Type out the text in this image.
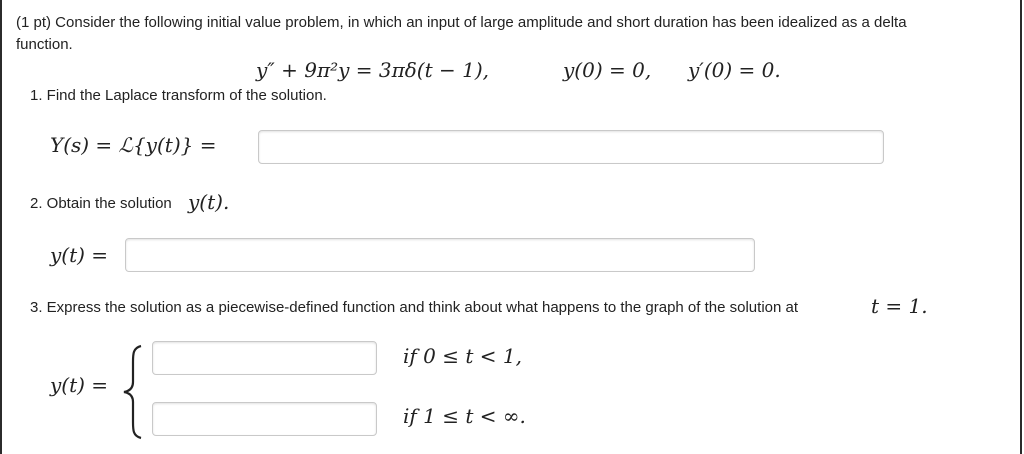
(1 pt) Consider the following initial value problem, in which an input of large amplitude and short duration has been idealized as a delta
function.
y″ + 9π²y = 3πδ(t − 1),	y(0) = 0, y′(0) = 0.
1. Find the Laplace transform of the solution.
Y(s) = ℒ{y(t)} =
2. Obtain the solution y(t).
y(t) =
3. Express the solution as a piecewise-defined function and think about what happens to the graph of the solution at	t = 1.
y(t) =
if 0 ≤ t < 1,
if 1 ≤ t < ∞.
